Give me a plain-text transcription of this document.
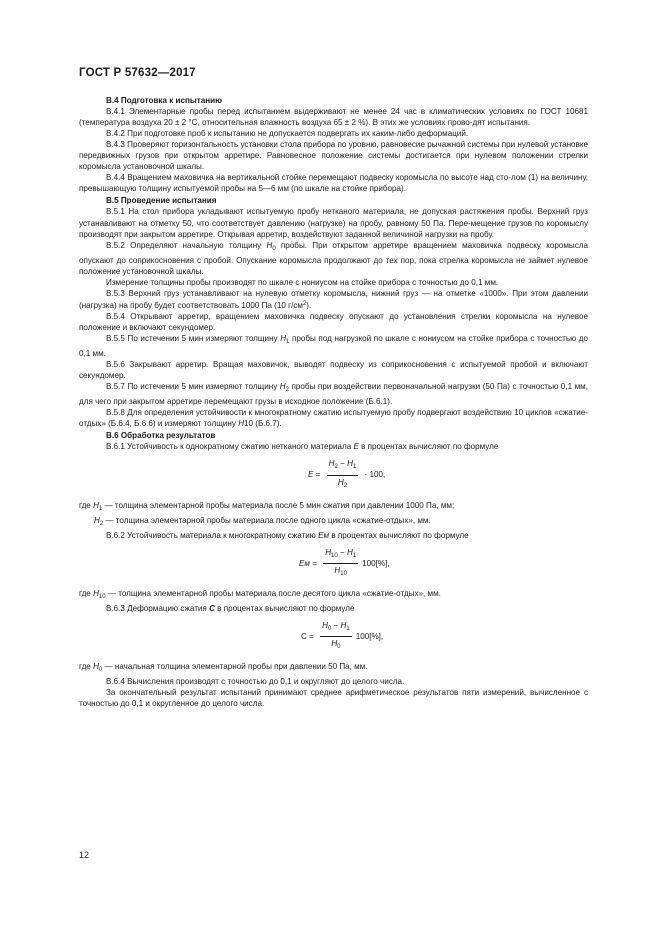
ГОСТ Р 57632—2017

В.4 Подготовка к испытанию

В.4.1 Элементарные пробы перед испытанием выдерживают не менее 24 час в климатических условиях по ГОСТ 10681 (температура воздуха 20 ± 2 °С, относительная влажность воздуха 65 ± 2 %). В этих же условиях прово-дят испытания.

В.4.2 При подготовке проб к испытанию не допускается подвергать их каким-либо деформаций.

В.4.3 Проверяют горизонтальность установки стола прибора по уровню, равновесие рычажной системы при нулевой установке передвижных грузов при открытом арретире. Равновесное положение системы достигается при нулевом положении стрелки коромысла установочной шкалы.

В.4.4 Вращением маховичка на вертикальной стойке перемещают подвеску коромысла по высоте над сто-лом (1) на величину, превышающую толщину испытуемой пробы на 5—6 мм (по шкале на стойке прибора).

В.5 Проведение испытания

В.5.1 На стол прибора укладывают испытуемую пробу нетканого материала, не допуская растяжения пробы. Верхний груз устанавливают на отметку 50, что соответствует давлению (нагрузке) на пробу, равному 50 Па. Пере-мещение грузов по коромыслу производят при закрытом арретире. Открывая арретир, воздействуют заданной величиной нагрузки на пробу.

В.5.2 Определяют начальную толщину $H_0$ пробы. При открытом арретире вращением маховичка подвеску коромысла опускают до соприкосновения с пробой. Опускание коромысла продолжают до тех пор, пока стрелка коромысла не займет нулевое положение установочной шкалы.

Измерение толщины пробы производят по шкале с нониусом на стойке прибора с точностью до 0,1 мм.

В.5.3 Верхний груз устанавливают на нулевую отметку коромысла, нижний груз — на отметке «1000». При этом давлении (нагрузка) на пробу будет соответствовать 1000 Па (10 $г/см^2$).

В.5.4 Открывают арретир, вращением маховичка подвеску опускают до установления стрелки коромысла на нулевое положение и включают секундомер.

В.5.5 По истечении 5 мин измеряют толщину $H_1$ пробы под нагрузкой по шкале с нониусом на стойке прибора с точностью до 0,1 мм.

В.5.6 Закрывают арретир. Вращая маховичок, выводят подвеску из соприкосновения с испытуемой пробой и включают секундомер.

В.5.7 По истечении 5 мин измеряют толщину $H_2$ пробы при воздействии первоначальной нагрузки (50 Па) с точностью 0,1 мм, для чего при закрытом арретире перемещают грузы в исходное положение (Б.6.1).

В.5.8 Для определения устойчивости к многократному сжатию испытуемую пробу подвергают воздействию 10 циклов «сжатие-отдых» (Б.6.4, Б.6.6) и измеряют толщину H10 (Б.6.7).

В.6 Обработка результатов

В.6.1 Устойчивость к однократному сжатию нетканого материала E в процентах вычисляют по формуле

$E = \frac{H_2 - H_1}{H_2} \cdot 100$,

где $H_1$ — толщина элементарной пробы материала после 5 мин сжатия при давлении 1000 Па, мм;

$H_2$ — толщина элементарной пробы материала после одного цикла «сжатие-отдых», мм.

В.6.2 Устойчивость материала к многократному сжатию Ем в процентах вычисляют по формуле

Ем = $\frac{H_{10} - H_1}{H_{10}} 100[\%]$,

где $H_{10}$ — толщина элементарной пробы материала после десятого цикла «сжатие-отдых», мм.

В.6.3 Деформацию сжатия С в процентах вычисляют по формуле

$С = \frac{H_0 - H_1}{H_0} 100[\%]$,

где $H_0$ — начальная толщина элементарной пробы при давлении 50 Па, мм.

В.6.4 Вычисления производят с точностью до 0,1 и округляют до целого числа.

За окончательный результат испытаний принимают среднее арифметическое результатов пяти измерений, вычисленное с точностью до 0,1 и округленное до целого числа.

12
